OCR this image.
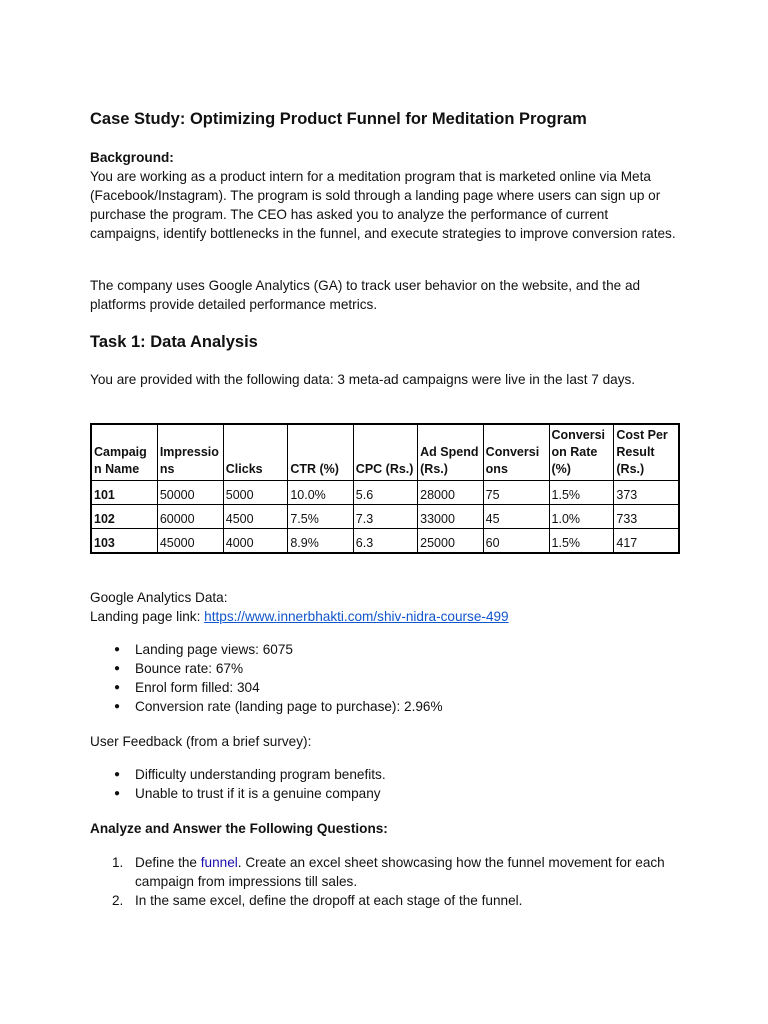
Case Study: Optimizing Product Funnel for Meditation Program
Background:
You are working as a product intern for a meditation program that is marketed online via Meta (Facebook/Instagram). The program is sold through a landing page where users can sign up or purchase the program. The CEO has asked you to analyze the performance of current campaigns, identify bottlenecks in the funnel, and execute strategies to improve conversion rates.

The company uses Google Analytics (GA) to track user behavior on the website, and the ad platforms provide detailed performance metrics.

Task 1: Data Analysis

You are provided with the following data: 3 meta-ad campaigns were live in the last 7 days.

Campaig n Name	Impressio ns	Clicks	CTR (%)	CPC (Rs.)	Ad Spend (Rs.)	Conversi ons	Conversi on Rate (%)	Cost Per Result (Rs.)
101	50000	5000	10.0%	5.6	28000	75	1.5%	373
102	60000	4500	7.5%	7.3	33000	45	1.0%	733
103	45000	4000	8.9%	6.3	25000	60	1.5%	417
Google Analytics Data:
Landing page link: https://www.innerbhakti.com/shiv-nidra-course-499
● Landing page views: 6075
● Bounce rate: 67%
● Enrol form filled: 304
● Conversion rate (landing page to purchase): 2.96%

User Feedback (from a brief survey):

● Difficulty understanding program benefits.
● Unable to trust if it is a genuine company

Analyze and Answer the Following Questions:

1. Define the funnel. Create an excel sheet showcasing how the funnel movement for each campaign from impressions till sales.
2. In the same excel, define the dropoff at each stage of the funnel.
